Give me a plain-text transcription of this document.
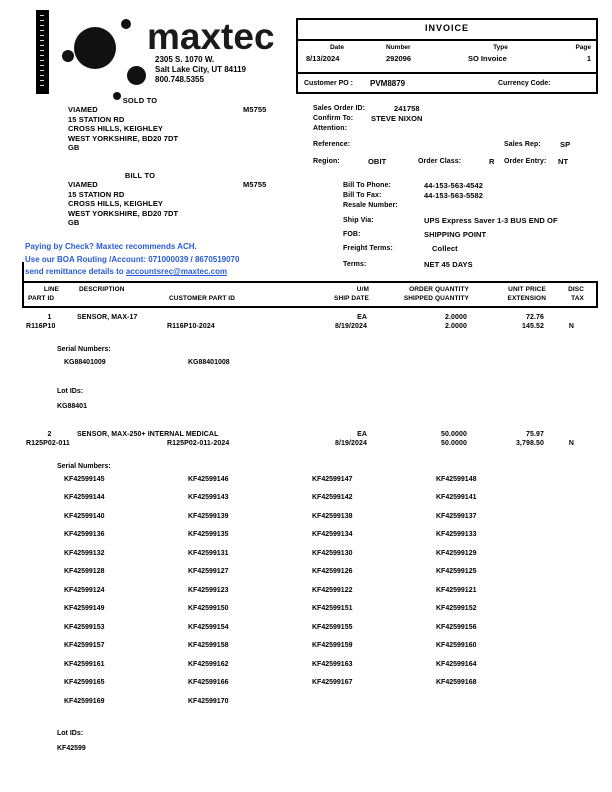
maxtec
2305 S. 1070 W.
Salt Lake City, UT 84119
800.748.5355
INVOICE
Date	Number	Type	Page
8/13/2024	292096	SO Invoice	1
Customer PO :	PVM8879	Currency Code:
SOLD TO
VIAMED
15 STATION RD
CROSS HILLS, KEIGHLEY
WEST YORKSHIRE, BD20 7DT
GB
M5755	Sales Order ID:	241758
Confirm To: STEVE NIXON
Attention:
Reference:	Sales Rep:	SP
Region:	OBIT	Order Class:	R Order Entry: NT
BILL TO
VIAMED
15 STATION RD
CROSS HILLS, KEIGHLEY
WEST YORKSHIRE, BD20 7DT
GB
M5755	Bill To Phone:	44-153-563-4542
Bill To Fax:	44-153-563-5582
Resale Number:
Ship Via:	UPS Express Saver 1-3 BUS END OF
FOB:	SHIPPING POINT
Freight Terms:	Collect
Terms:	NET 45 DAYS
Paying by Check? Maxtec recommends ACH.
Use our BOA Routing /Account: 071000039 / 8670519070
send remittance details to accountsrec@maxtec.com
LINE	DESCRIPTION	U/M	ORDER QUANTITY	UNIT PRICE	DISC
PART ID	CUSTOMER PART ID	SHIP DATE	SHIPPED QUANTITY	EXTENSION	TAX
1	SENSOR, MAX-17	EA	2.0000	72.76
R116P10	R116P10-2024	8/19/2024	2.0000	145.52	N
Serial Numbers:
KG88401009	KG88401008
Lot IDs:
KG88401
2	SENSOR, MAX-250+ INTERNAL MEDICAL	EA	50.0000	75.97
R125P02-011	R125P02-011-2024	8/19/2024	50.0000	3,798.50	N
Serial Numbers:
KF42599145	KF42599146	KF42599147	KF42599148
KF42599144	KF42599143	KF42599142	KF42599141
KF42599140	KF42599139	KF42599138	KF42599137
KF42599136	KF42599135	KF42599134	KF42599133
KF42599132	KF42599131	KF42599130	KF42599129
KF42599128	KF42599127	KF42599126	KF42599125
KF42599124	KF42599123	KF42599122	KF42599121
KF42599149	KF42599150	KF42599151	KF42599152
KF42599153	KF42599154	KF42599155	KF42599156
KF42599157	KF42599158	KF42599159	KF42599160
KF42599161	KF42599162	KF42599163	KF42599164
KF42599165	KF42599166	KF42599167	KF42599168
KF42599169	KF42599170
Lot IDs:
KF42599
